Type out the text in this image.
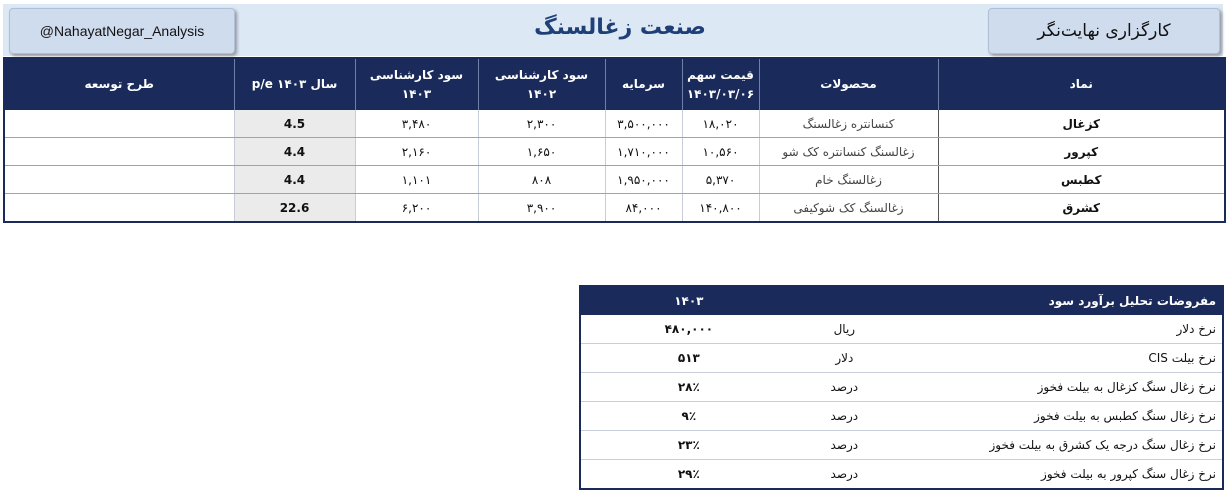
@NahayatNegar_Analysis	صنعت زغالسنگ	کارگزاری نهایت‌نگر
نماد	محصولات	قیمت سهم ۱۴۰۳/۰۳/۰۶	سرمایه	سود کارشناسی ۱۴۰۲	سود کارشناسی ۱۴۰۳	سال ۱۴۰۳ p/e	طرح توسعه
کزغال	کنسانتره زغالسنگ	۱۸,۰۲۰	۳,۵۰۰,۰۰۰	۲,۳۰۰	۳,۴۸۰	4.5	
کپرور	زغالسنگ کنسانتره کک شو	۱۰,۵۶۰	۱,۷۱۰,۰۰۰	۱,۶۵۰	۲,۱۶۰	4.4	
کطبس	زغالسنگ خام	۵,۳۷۰	۱,۹۵۰,۰۰۰	۸۰۸	۱,۱۰۱	4.4	
کشرق	زغالسنگ کک شوکیفی	۱۴۰,۸۰۰	۸۴,۰۰۰	۳,۹۰۰	۶,۲۰۰	22.6	
مفروضات تحلیل برآورد سود		۱۴۰۳
نرخ دلار	ریال	۴۸۰,۰۰۰
نرخ بیلت CIS	دلار	۵۱۳
نرخ زغال سنگ کزغال به بیلت فخوز	درصد	۲۸٪
نرخ زغال سنگ کطبس به بیلت فخوز	درصد	۹٪
نرخ زغال سنگ درجه یک کشرق به بیلت فخوز	درصد	۲۳٪
نرخ زغال سنگ کپرور به بیلت فخوز	درصد	۲۹٪
